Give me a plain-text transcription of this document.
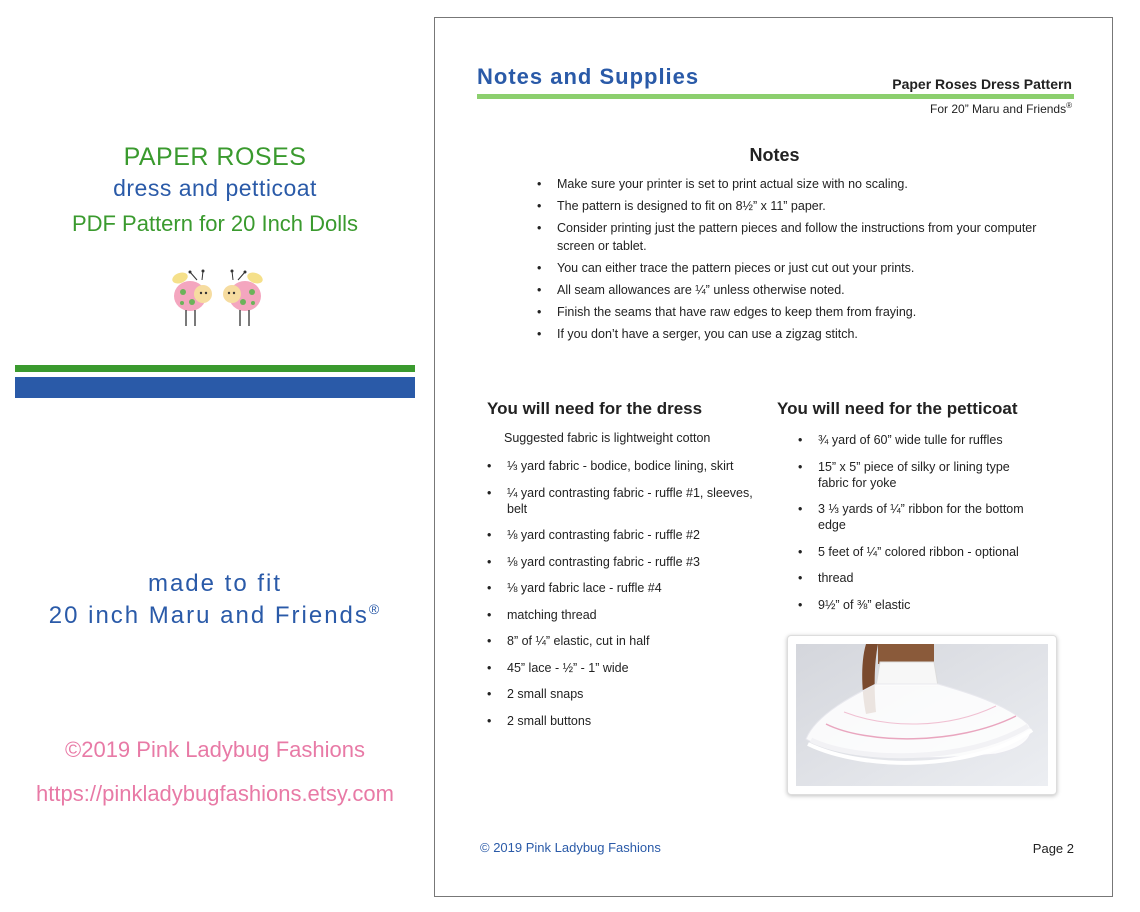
PAPER ROSES
dress and petticoat
PDF Pattern for 20 Inch Dolls
made to fit
20 inch Maru and Friends®
©2019 Pink Ladybug Fashions
https://pinkladybugfashions.etsy.com
Notes and Supplies	Paper Roses Dress Pattern
For 20” Maru and Friends®
Notes
• Make sure your printer is set to print actual size with no scaling.
• The pattern is designed to fit on 8½” x 11” paper.
• Consider printing just the pattern pieces and follow the instructions from your computer screen or tablet.
• You can either trace the pattern pieces or just cut out your prints.
• All seam allowances are ¼” unless otherwise noted.
• Finish the seams that have raw edges to keep them from fraying.
• If you don’t have a serger, you can use a zigzag stitch.
You will need for the dress
Suggested fabric is lightweight cotton
• ⅓ yard fabric - bodice, bodice lining, skirt
• ¼ yard contrasting fabric - ruffle #1, sleeves, belt
• ⅛ yard contrasting fabric - ruffle #2
• ⅛ yard contrasting fabric - ruffle #3
• ⅛ yard fabric lace - ruffle #4
• matching thread
• 8” of ¼” elastic, cut in half
• 45” lace - ½” - 1” wide
• 2 small snaps
• 2 small buttons
You will need for the petticoat
• ¾ yard of 60” wide tulle for ruffles
• 15” x 5” piece of silky or lining type fabric for yoke
• 3 ⅓ yards of ¼” ribbon for the bottom edge
• 5 feet of ¼” colored ribbon - optional
• thread
• 9½” of ⅜” elastic
© 2019 Pink Ladybug Fashions	Page 2
